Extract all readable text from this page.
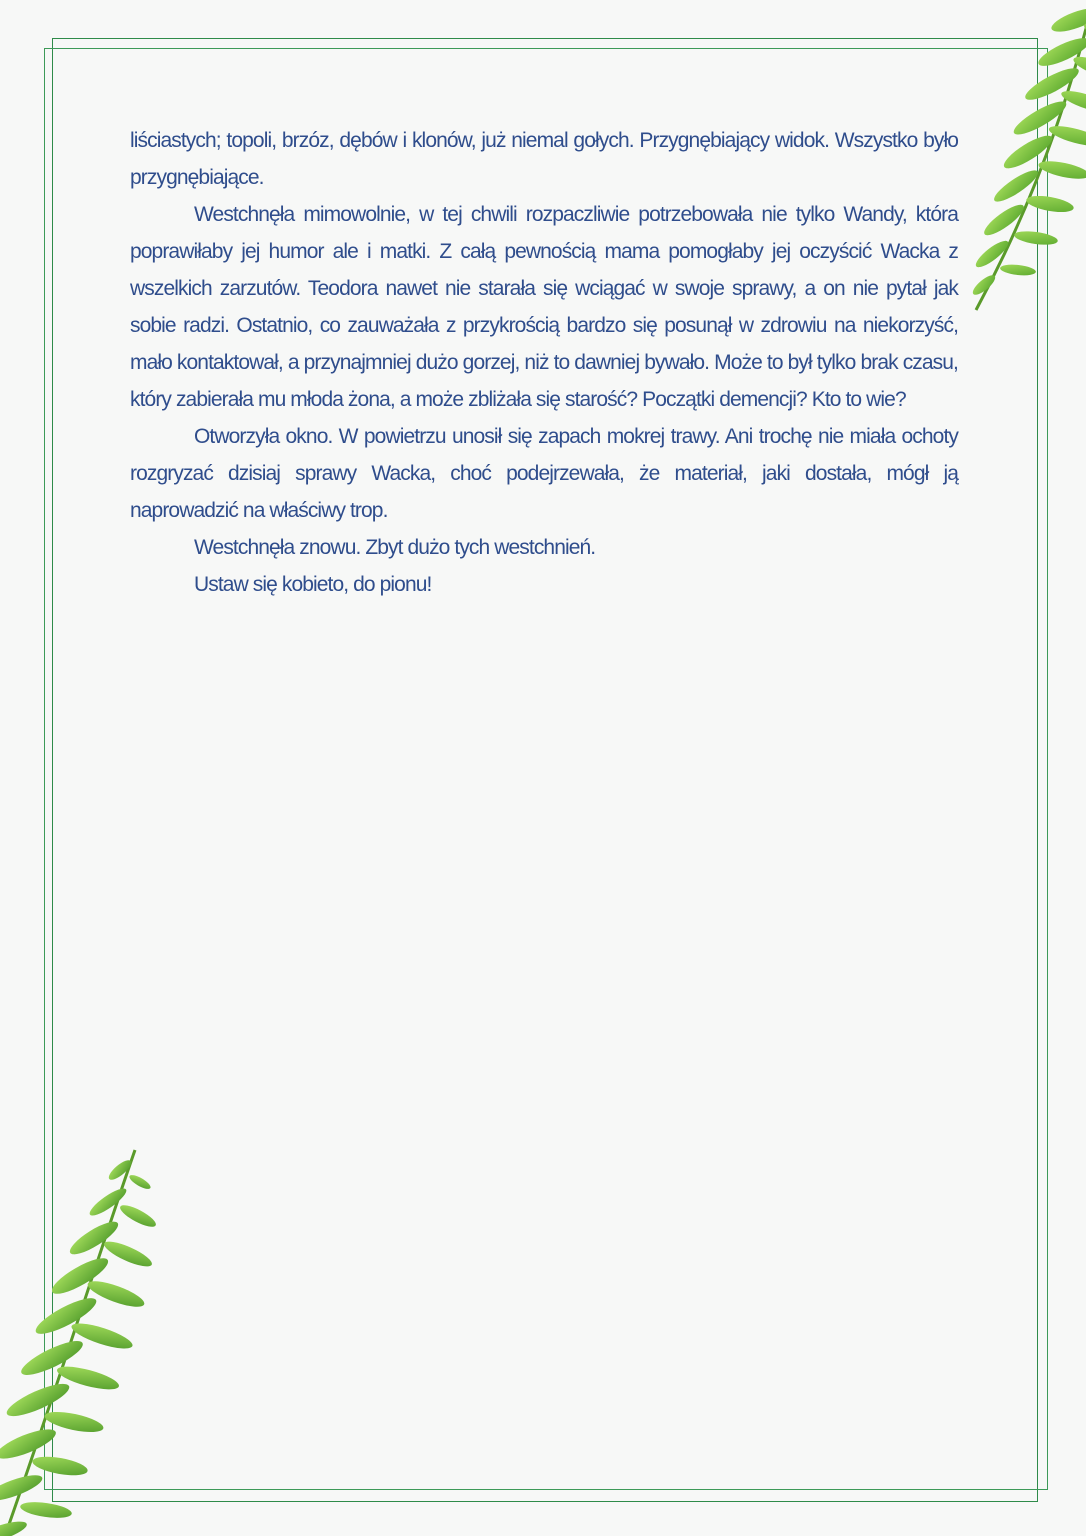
liściastych; topoli, brzóz, dębów i klonów, już niemal gołych. Przygnębiający widok. Wszystko było przygnębiające.

Westchnęła mimowolnie, w tej chwili rozpaczliwie potrzebowała nie tylko Wandy, która poprawiłaby jej humor ale i matki. Z całą pewnością mama pomogłaby jej oczyścić Wacka z wszelkich zarzutów. Teodora nawet nie starała się wciągać w swoje sprawy, a on nie pytał jak sobie radzi. Ostatnio, co zauważała z przykrością bardzo się posunął w zdrowiu na niekorzyść, mało kontaktował, a przynajmniej dużo gorzej, niż to dawniej bywało. Może to był tylko brak czasu, który zabierała mu młoda żona, a może zbliżała się starość? Początki demencji? Kto to wie?

Otworzyła okno. W powietrzu unosił się zapach mokrej trawy. Ani trochę nie miała ochoty rozgryzać dzisiaj sprawy Wacka, choć podejrzewała, że materiał, jaki dostała, mógł ją naprowadzić na właściwy trop.

Westchnęła znowu. Zbyt dużo tych westchnień.

Ustaw się kobieto, do pionu!
